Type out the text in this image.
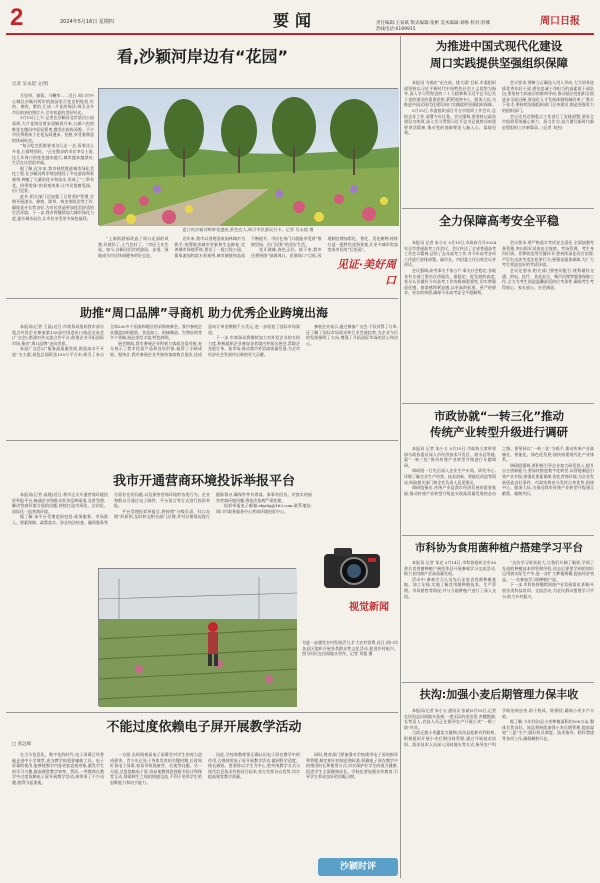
2	2024年5月16日 星期四	要闻	责任编辑:王家斌 版式编辑:张彬 美术编辑:刘畅 校对:彭娜
热线电话:6199915
周口日报
看,沙颖河岸边有“花园”
记者 吴永超 文/图

月见草、雏菊、马鞭草……近日,周口市中心城区沙颖河两岸的游园里百花竞相绽放,红的、黄的、紫的,汇成一片花的海洋,吸引众多市民前来拍照打卡,尽享初夏的美好时光。

5月15日上午,记者在沙颖河北岸滨河公园看到,大片花海沿着步道铺展开来,五颜六色的鲜花在微风中轻轻摇曳,散发出阵阵清香。不少市民带着孩子在花丛间漫步、拍照,享受着惬意的休闲时光。

“每天吃完饭都要来这儿走一走,看着这么多花,心情特别好。”正在散步的市民李女士说,这几年周口的变化越来越大,城市越来越漂亮,生活在这里很幸福。

据了解,近年来,我市持续推进城市绿化美化工程,在沙颖河两岸规划建设了多处游园和景观带,种植了大量的花卉和苗木,形成了“三季有花、四季常绿”的景观效果,让市民推窗见绿、出门见景。

此外,相关部门还加强了日常养护管理,定期开展浇水、修剪、除草、病虫害防治等工作,确保花卉长势良好,为市民营造更加优美舒适的生活环境。下一步,我市将继续加大城市绿化力度,提升城市品位,让市民享受更多绿色福利。

夏日的沙颖河畔鲜花盛放,景色宜人,吸引市民游玩打卡。记者 吴永超 摄

“上海街游园改造了周口北部的风貌,环境好了,人气也旺了。”市民王先生说。如今,沙颖河沿岸的游园、步道、绿地成为市民休闲健身的好去处。

近年来,我市以创建国家园林城市为抓手,统筹推进城市更新和生态修复,完善城市绿地系统,建设了一批口袋公园、街角游园和滨水景观带,城市颜值和品质不断提升。市民在家门口就能享受到“推窗见绿、出门见景”的美好生活。

花开满城,春色正好。接下来,我市还将围绕“绿满周口、花满周口”目标,因地制宜增加彩化、香化、美化树种,持续打造一批特色花海景观,让更多城市角落变成市民的“后花园”。

见证·美好周口
为推进中国式现代化建设
周口实践提供坚强组织保障

本报讯 为锚定“走在前、挑大梁”目标,市委组织部坚持以习近平新时代中国特色社会主义思想为指导,深入学习贯彻党的二十大精神和习近平总书记关于党的建设的重要思想,紧紧围绕中心、服务大局,为推进中国式现代化建设周口实践提供坚强组织保障。

5月15日,市委组织部召开全市组织工作会议,总结去年工作,部署今年任务。会议强调,要坚持以政治建设为统领,深入学习贯彻习近平总书记视察河南重要讲话精神,推动党的创新理论入脑入心、落地见效。

会议要求,要树立正确选人用人导向,大力培养选拔优秀年轻干部,建设忠诚干净担当的高素质干部队伍;要坚持大抓基层的鲜明导向,推动基层党组织全面进步全面过硬;要深化人才发展体制机制改革,广聚天下英才;要持续加强组织部门自身建设,锻造坚强有力的组织部门。

会议还对近期重点工作进行了安排部署,要求全市组织系统凝心聚力、担当作为,奋力谱写新时代新征程组织工作新篇章。(记者 刘杰)

全力保障高考安全平稳

本报讯 记者 朱小五 5月15日,市政府召开2024年全市普通高考工作会议。会议传达了全省普通高考工作会议精神,总结了去年高考工作,对今年高考各项工作进行安排部署。副市长、市招委主任出席会议并讲话。

会议强调,高考事关千家万户,事关社会稳定,各地各有关部门要站在讲政治、保稳定、促发展的高度,充分认识做好今年高考工作的极端重要性,切实增强责任感、使命感和紧迫感,以更高的标准、更严的要求、更实的举措,确保今年高考安全平稳顺利。

会议要求,要严格落实考试安全责任,全面加强考务管理,突出抓好试卷安全保密、考场管理、考生身份识别、作弊防范等关键环节;要持续深化综合治理,严厉打击涉考违法犯罪行为;要强化服务保障,为广大考生营造良好的考试环境。

会议还要求,相关部门要密切配合,统筹做好交通、供电、医疗、食品安全、噪声治理等服务保障工作,全力为考生创造温馨舒适的应考条件,确保考生考得放心、家长放心、社会满意。

助推“周口品牌”寻商机 助力优秀企业跨境出海

本报讯(记者 王晶)近日,市商务局组织我市部分重点外贸企业参加第135届中国进出口商品交易会(广交会),搭建对外交流合作平台,助推企业开拓国际市场,推动“周口品牌”走向世界。

本届广交会以“服务高质量发展,推进高水平开放”为主题,展览总面积达155万平方米,吸引了来自全球200多个国家和地区的采购商参会。我市参展企业涵盖纺织服装、食品加工、机械制造、生物医药等多个领域,展品类型丰富,特色鲜明。

展会期间,我市参展企业积极与客商洽谈对接,充分展示了我市优质产品和良好形象,取得了丰硕成果。据统计,我市参展企业共接待客商数百批次,达成意向订单金额数千万美元,进一步拓宽了国际市场渠道。

下一步,市商务局将继续加大对外贸企业的支持力度,积极组织企业参加各类境内外知名展会,帮助企业抢订单、拓市场,推动我市外贸高质量发展,为全市经济社会发展作出新的更大贡献。

参展企业表示,通过参加广交会,不仅获得了订单,还了解了国际市场需求和行业发展趋势,为企业今后的发展指明了方向,增强了开拓国际市场的信心和决心。

市政协就“一转三化”推动
传统产业转型升级进行调研

本报讯 记者 朱小五 5月15日,市政协主席带领部分政协委员深入市经济技术开发区、商水县等地,就“一转三化”推动传统产业转型升级进行专题调研。

调研组一行先后深入企业生产车间、研发中心,详细了解企业生产经营、技术创新、智能化改造等情况,听取相关部门和企业负责人意见建议。

调研组指出,传统产业是我市经济发展的重要基础,推动传统产业转型升级是实现高质量发展的必由之路。要坚持以“一转三化”为抓手,推动传统产业高端化、智能化、绿色化发展,加快构建现代化产业体系。

调研组强调,要积极引导企业加大研发投入,提升自主创新能力;要加快推进数字化转型,以智能制造引领产业升级;要强化要素保障,优化营商环境,为企业发展创造良好条件。市政协将充分发挥自身优势,围绕中心、服务大局,为推动我市传统产业转型升级建言献策、凝聚共识。

我市开通营商环境投诉举报平台

本报讯(记者 高地)近日,我市正式开通营商环境投诉举报平台,畅通企业和群众诉求反映渠道,及时受理、解决营商环境方面的问题,持续打造市场化、法治化、国际化一流营商环境。

据了解,该平台受理范围包括:政务服务、市场准入、要素保障、政策落实、涉企执法检查、融资服务等方面存在的问题,以及损害营商环境的各类行为。企业和群众可通过电子邮件、平台留言等方式进行投诉举报。

平台受理投诉举报后,将按照“分级负责、归口办理”的原则,及时转交相关部门办理,并对办理情况进行跟踪督办,确保件件有着落、事事有回音。对查实的损害营商环境问题,将依法依规严肃处理。

投诉举报电子邮箱:zkyshj@163.com,联系地址:周口市政务服务中心营商环境投诉中心。

视觉新闻
为进一步激发农村发展活力,扩大农村消费,近日,周口市各县区组织开展各类群众性文化活动,促进乡村振兴。图为村民在田间地头劳作。记者 刘俊 摄
市科协为食用菌种植户搭建学习平台

本报讯 记者 邹光 5月14日,市科协组织全市30余名食用菌种植户到西华县开展参观学习交流活动,助力食用菌产业高质量发展。

活动中,参观学习人员先后走进食用菌种植基地、加工车间,实地了解食用菌种植技术、生产管理、市场销售等情况,并与当地种植户进行了深入交流。

“这次学习收获很大,让我们开阔了眼界,学到了先进的种植技术和管理经验,回去后要把学到的知识运用到实际生产中,进一步扩大种植规模,提高经济效益。”一名参加学习的种植户说。

下一步,市科协将继续围绕产业发展需求,积极开展各类科技培训、交流活动,为农民群众搭建学习平台,助力乡村振兴。

扶沟:加强小麦后期管理力保丰收

本报讯(记者 朱小五 通讯员 张斌)5月15日,记者在扶沟县田间地头看到,一望无际的麦田里,麦穗饱满,长势喜人,农技人员正在指导农户开展小麦“一喷三防”作业。

当前正值小麦灌浆关键期,扶沟县抢抓有利时机,积极组织开展小麦后期田间管理,通过开展技术培训、派出技术人员深入田间地头等方式,指导农户科学防治病虫害,防干热风、防倒伏,确保小麦丰产丰收。

据了解,今年扶沟县小麦种植面积约100万亩,整体长势良好。该县将持续加强小麦后期管理,提前谋划“三夏”生产,做好机具调度、技术指导、秸秆禁烧等各项工作,确保颗粒归仓。

不能过度依赖电子屏开展教学活动
□ 张远峰

在当今信息化、数字化的时代,电子屏幕已经普遍走进中小学课堂,成为教学的重要辅助工具。电子屏幕的使用,能够使教学内容更加直观形象,激发学生的学习兴趣,提高课堂教学效率。然而,一些教师在教学中过度依赖电子屏开展教学活动,却带来了不少问题,值得引起重视。

一方面,长时间观看电子屏幕会对学生的视力造成损害。青少年正处于身体发育的关键时期,长时间盯着电子屏幕,容易导致视疲劳、近视等问题。另一方面,过度依赖电子屏,容易使教师忽视板书设计和课堂互动,削弱师生之间的情感交流,不利于培养学生的思维能力和动手能力。

因此,学校和教师要正确认识电子屏在教学中的作用,合理使用电子屏开展教学活动,做到科学适度、扬长避短。要坚持以学生为中心,把传统教学方式与现代信息技术有机结合起来,充分发挥各自优势,切实提高课堂教学质量。

同时,教育部门要加强对学校使用电子屏的指导和管理,制定相应的规范和标准,明确电子屏在教学中的使用时长和使用方式,切实保护好学生的视力健康,促进学生全面健康成长。学校也要加强宣传教育,引导学生养成良好的用眼习惯。

沙颍时评
